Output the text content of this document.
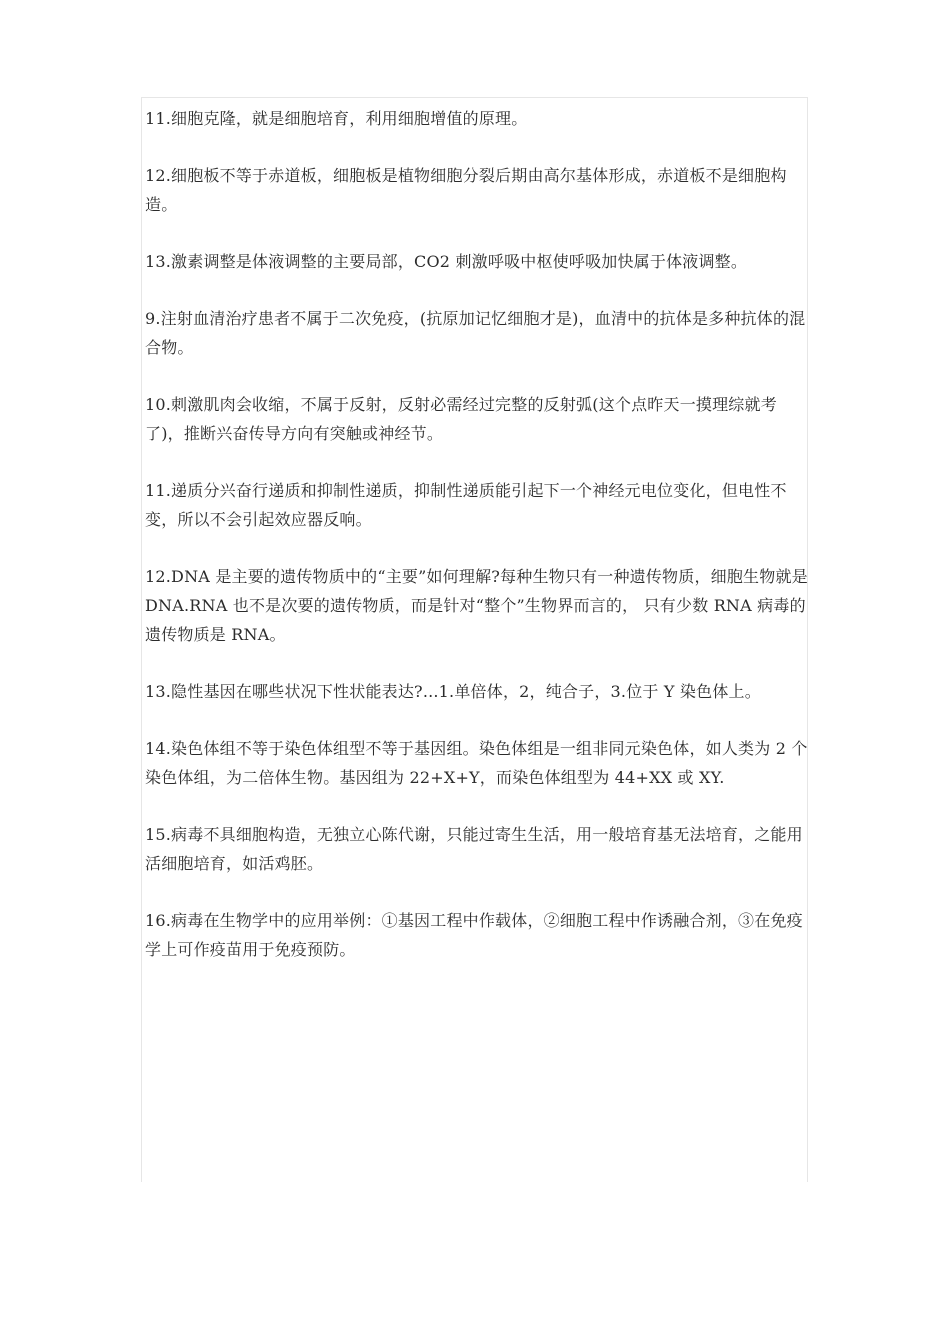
11.细胞克隆，就是细胞培育，利用细胞增值的原理。

12.细胞板不等于赤道板，细胞板是植物细胞分裂后期由高尔基体形成，赤道板不是细胞构造。

13.激素调整是体液调整的主要局部，CO2 刺激呼吸中枢使呼吸加快属于体液调整。

9.注射血清治疗患者不属于二次免疫，(抗原加记忆细胞才是)，血清中的抗体是多种抗体的混合物。

10.刺激肌肉会收缩，不属于反射，反射必需经过完整的反射弧(这个点昨天一摸理综就考了)，推断兴奋传导方向有突触或神经节。

11.递质分兴奋行递质和抑制性递质，抑制性递质能引起下一个神经元电位变化，但电性不变，所以不会引起效应器反响。

12.DNA 是主要的遗传物质中的“主要”如何理解?每种生物只有一种遗传物质，细胞生物就是 DNA.RNA 也不是次要的遗传物质，而是针对“整个”生物界而言的， 只有少数 RNA 病毒的遗传物质是 RNA。

13.隐性基因在哪些状况下性状能表达?...1.单倍体，2，纯合子，3.位于 Y 染色体上。

14.染色体组不等于染色体组型不等于基因组。染色体组是一组非同元染色体，如人类为 2 个染色体组，为二倍体生物。基因组为 22+X+Y，而染色体组型为 44+XX 或 XY.

15.病毒不具细胞构造，无独立心陈代谢，只能过寄生生活，用一般培育基无法培育，之能用活细胞培育，如活鸡胚。

16.病毒在生物学中的应用举例：①基因工程中作载体，②细胞工程中作诱融合剂，③在免疫学上可作疫苗用于免疫预防。
